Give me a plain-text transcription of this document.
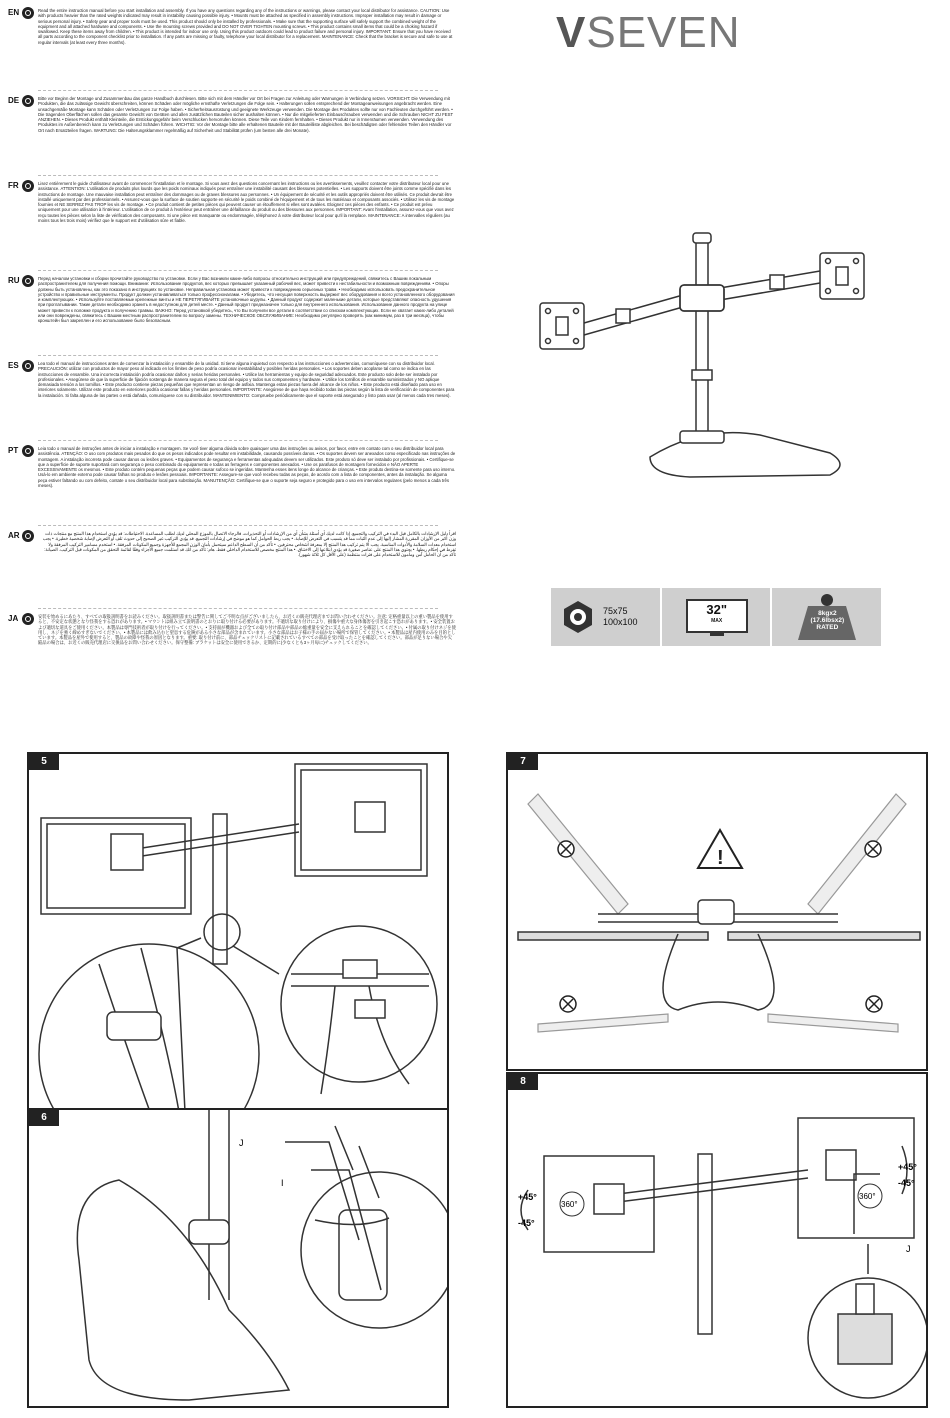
VSEVEN
EN	Read the entire instruction manual before you start installation and assembly. If you have any questions regarding any of the instructions or warnings, please contact your local distributor for assistance. CAUTION: Use with products heavier than the rated weights indicated may result in instability causing possible injury. • Mounts must be attached as specified in assembly instructions. Improper installation may result in damage or serious personal injury. • Safety gear and proper tools must be used. This product should only be installed by professionals. • Make sure that the supporting surface will safely support the combined weight of the equipment and all attached hardware and components. • Use the mounting screws provided and DO NOT OVER TIGHTEN mounting screws. • This product contains small items that could be a choking hazard if swallowed. Keep these items away from children. • This product is intended for indoor use only. Using this product outdoors could lead to product failure and personal injury. IMPORTANT: Ensure that you have received all parts according to the component checklist prior to installation. If any parts are missing or faulty, telephone your local distributor for a replacement. MAINTENANCE: Check that the bracket is secure and safe to use at regular intervals (at least every three months).
DE	Bitte vor Beginn der Montage und Zusammenbau das ganze Handbuch durchlesen. Bitte sich mit dem Händler vor Ort bei Fragen zur Anleitung oder Warnungen in Verbindung setzen. VORSICHT: Die Verwendung mit Produkten, die das zulässige Gewicht überschreiten, können Schäden oder mögliche ernsthafte Verletzungen die Folge sein. • Halterungen sollen entsprechend der Montageanweisungen angebracht werden. Eine unsachgemäße Montage kann Schäden oder Verletzungen zur Folge haben. • Sicherheitsausrüstung und geeignete Werkzeuge verwenden. Die Montage des Produktes sollte nur von Fachleuten durchgeführt werden. • Die tragenden Oberflächen sollen das gesamte Gewicht von Geräten und allen zusätzlichen Bauteilen sicher aushalten können. • Nur die mitgelieferten Einbauschrauben verwenden und die Schrauben NICHT ZU FEST ANZIEHEN. • Dieses Produkt enthält Kleinteile, die Erstickungsgefahr beim Verschlucken hervorrufen können. Diese Teile von Kindern fernhalten. • Dieses Produkt nur in Innenräumen verwenden. Verwendung des Produktes im Außenbereich kann zu Verletzungen und Schäden führen. WICHTIG: Vor der Montage bitte alle erhaltenen Bauteile mit der Bauteilliste abgleichen. Bei beschädigten oder fehlenden Teilen den Händler vor Ort nach Ersatzteilen fragen. WARTUNG: Die Halterungsklammer regelmäßig auf Sicherheit und Stabilität prüfen (um besten alle drei Monate).
FR	Lisez entièrement le guide d'utilisateur avant de commencer l'installation et le montage. Si vous avez des questions concernant les instructions ou les avertissements, veuillez contacter votre distributeur local pour une assistance. ATTENTION: L'utilisation de produits plus lourds que les poids nominaux indiqués peut entraîner une instabilité causant des blessures potentielles. • Les supports doivent être joints comme spécifié dans les instructions de montage. Une mauvaise installation peut entraîner des dommages ou de graves blessures aux personnes. • Un équipement de sécurité et les outils appropriés doivent être utilisés. Ce produit devrait être installé uniquement par des professionnels. • Assurez-vous que la surface de soutien supporte en sécurité le poids combiné de l'équipement et de tous les matériaux et composants associés. • Utilisez les vis de montage fournies et NE SERREZ PAS TROP les vis de montage. • Ce produit contient de petites pièces qui peuvent causer un étouffement si elles sont avalées. Eloignez ces pièces des enfants. • Ce produit est prévu uniquement pour une utilisation à l'intérieur. L'utilisation de ce produit à l'extérieur peut entraîner une défaillance du produit ou des blessures aux personnes. IMPORTANT: Avant l'installation, assurez-vous que vous avez reçu toutes les pièces selon la liste de vérification des composants. Si une pièce est manquante ou endommagée, téléphonez à votre distributeur local pour qu'il la remplace. MAINTENANCE: A intervalles réguliers (au moins tous les trois mois) vérifiez que le support est d'utilisation sûre et fiable.
RU	Перед началом установки и сборки прочитайте руководство по установке. Если у Вас возникли какие-либо вопросы относительно инструкций или предупреждений, свяжитесь с Вашим локальным распространителем для получения помощи. Внимание: Использование продуктов, вес которых превышает указанный рабочий вес, может привести к нестабильности и возможным повреждениям. • Опоры должны быть установлены, как это показано в инструкциях по установке. Неправильная установка может привести к повреждению серьезных травм. • Необходимо использовать предохранительное устройство и правильные инструменты. Продукт должен устанавливаться только профессионалами. • Убедитесь, что несущая поверхность выдержит вес оборудования и всего установленного оборудования и комплектующих. • Используйте поставляемые крепежные винты и НЕ ПЕРЕТЯГИВАЙТЕ установочные шурупы. • Данный продукт содержит маленькие детали, которые представляют опасность удушения при проглатывании. Такие детали необходимо хранить в недоступном для детей месте. • Данный продукт предназначен только для внутреннего использования. Использование данного продукта на улице может привести к поломке продукта и получению травмы. ВАЖНО: Перед установкой убедитесь, что Вы получили все детали в соответствии со списком комплектующих. Если не хватает каких-либо деталей или они повреждены, свяжитесь с Вашим местным распространителем по вопросу замены. ТЕХНИЧЕСКОЕ ОБСЛУЖИВАНИЕ: Необходимо регулярно проверять (как минимум, раз в три месяца), чтобы кронштейн был закреплен и его использование было безопасным.
ES	Lea todo el manual de instrucciones antes de comenzar la instalación y ensamble de la unidad. Si tiene alguna inquietud con respecto a las instrucciones o advertencias, comuníquese con su distribuidor local. PRECAUCIÓN: utilizar con productos de mayor peso al indicado en los límites de peso podría ocasionar inestabilidad y posibles heridas personales. • Los soportes deben acoplarse tal como se indica en las instrucciones de ensamble. Una incorrecta instalación podría ocasionar daños y serias heridas personales. • Utilice las herramientas y equipo de seguridad adecuados. Este producto solo debe ser instalado por profesionales. • Asegúrese de que la superficie de fijación sostenga de manera segura el peso total del equipo y todos sus componentes y hardware. • Utilice los tornillos de ensamble suministrados y NO aplique demasiada tensión a los tornillos. • Este producto contiene piezas pequeñas que representan un riesgo de asfixia. Mantenga estas piezas fuera del alcance de los niños. • Este producto está diseñado para uso en interiores solamente. Utilizar este producto en exteriores podría ocasionar fallas y heridas personales. IMPORTANTE: Asegúrese de que haya recibido todas las piezas según la lista de verificación de componentes para la instalación. Si falta alguna de las partes o está dañada, comuníquese con su distribuidor. MANTENIMIENTO: Compruebe periódicamente que el soporte está asegurado y listo para usar (al menos cada tres meses).
PT	Leia todo o manual de instruções antes de iniciar a instalação e montagem. Se você tiver alguma dúvida sobre quaisquer uma das instruções ou avisos, por favor, entre em contato com o seu distribuidor local para assistência. ATENÇÃO: O uso com produtos mais pesados do que os pesos indicados pode resultar em instabilidade, causando possíveis danos. • Os suportes devem ser anexados como especificado nas instruções de montagem. A instalação incorreta pode causar danos ou lesões graves. • Equipamentos de segurança e ferramentas adequadas devem ser utilizados. Este produto só deve ser instalado por profissionais. • Certifique-se que a superfície de suporte suportará com segurança o peso combinado do equipamento e todas as ferragens e componentes anexados. • Use os parafusos de montagem fornecidos e NÃO APERTE EXCESSIVAMENTE os mesmos. • Este produto contém pequenas peças que podem causar sufoco se ingeridas. Mantenha esses itens longe do alcance de crianças. • Este produto destina-se somente para uso interno. Usá-lo em ambiente externo pode causar falhas no produto e lesões pessoais. IMPORTANTE: Assegure-se que você recebeu todas as peças, de acordo com a lista de componentes, antes da instalação. Se alguma peça estiver faltando ou com defeito, contate o seu distribuidor local para substituição. MANUTENÇÃO: Certifique-se que o suporte seja seguro e protegido para o uso em intervalos regulares (pelo menos a cada três meses).
AR	اقرأ دليل الإرشادات بالكامل قبل البدء في التركيب والتجميع. إذا كانت لديك أي أسئلة بشأن أي من الإرشادات أو التحذيرات، فالرجاء الاتصال بالموزع المحلي لديك لطلب المساعدة. الاحتياطات: قد يؤدي استخدام هذا المنتج مع منتجات ذات وزن أكبر من الأوزان المقررة المشار إليها إلى عدم الثبات مما قد يتسبب في التعرض للإصابة. • يجب ربط الحوامل كما هو موضح في إرشادات التجميع. قد يؤدي التركيب غير الصحيح إلى حدوث تلف أو التعرض لإصابة شخصية خطيرة. • يجب استخدام معدات السلامة والأدوات المناسبة. يجب ألا يتم تركيب هذا المنتج إلا بمعرفة أشخاص محترفين. • تأكد من أن السطح الداعم سيتحمل بأمان الوزن المجمع للأجهزة وجميع المكونات المرفقة. • استخدم مسامير التركيب المرفقة ولا تفرط في إحكام ربطها. • يحتوي هذا المنتج على عناصر صغيرة قد يؤدي ابتلاعها إلى الاختناق. • هذا المنتج مخصص للاستخدام الداخلي فقط. هام: تأكد من أنك قد استلمت جميع الأجزاء وفقًا لقائمة التحقق من المكونات قبل التركيب. الصيانة: تأكد من أن الحامل آمن ومأمون للاستخدام على فترات منتظمة (على الأقل كل ثلاثة شهور).
JA	安装を始めるにあたり、すべての取扱説明書をお読みください。取扱説明書または警告に関してご不明な点がございましたら、お近くの販売代理店までお問い合わせください。注意: 定格重量以上の重い製品を使用すると、不安定な状態となり怪我をする恐れがあります。• マウントは組み立て説明書のとおりに取り付ける必要があります。不適切な取り付けにより、損傷や重大な身体傷害を引き起こす恐れがあります。• 安全装置および適切な道具をご使用ください。本製品は専門技術者が取り付けを行ってください。• 支持面が機器および全ての取り付け部品や部品の総重量を安全に支えられることを確認してください。• 付属の取り付けネジを使用し、ネジを強く締めすぎないでください。• 本製品には飲み込むと窒息する危険がある小さな部品が含まれています。小さな部品はお子様の手の届かない場所で保管してください。• 本製品は屋内使用のみを目的としています。本製品を屋外で使用すると、製品の故障や怪我の原因となります。重要: 取り付け前に、部品チェックリストに記載されているすべての部品を受け取ったことを確認してください。部品が足りない場合や欠陥品の場合は、お近くの販売代理店に交換品をお問い合わせください。保守整備: ブラケットは安全に使用できるか、定期的に(少なくとも3ヶ月毎に)チェックしてください。
75x75
100x100
32"
MAX
8kgx2
(17.6lbsx2)
RATED
5
6
J
I
7
!
8
+45°
-45°
+45°
-45°
360°
360°
J
